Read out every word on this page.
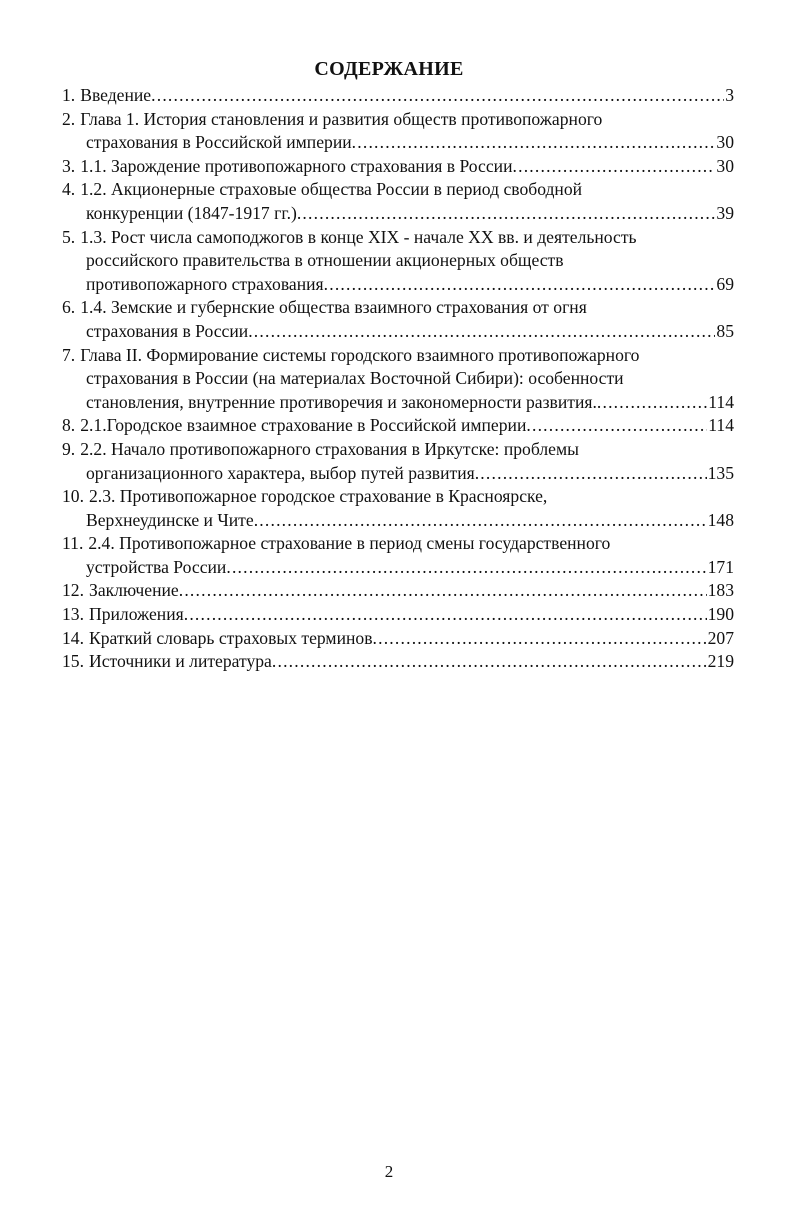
СОДЕРЖАНИЕ
1. Введение . . .	3
2. Глава 1. История становления и развития обществ противопожарного
страхования в Российской империи . . .	30
3. 1.1. Зарождение противопожарного страхования в России . . .	30
4. 1.2. Акционерные страховые общества России в период свободной
конкуренции (1847-1917 гг.) . . .	39
5. 1.3. Рост числа самоподжогов в конце XIX - начале XX вв. и деятельность
российского правительства в отношении акционерных обществ
противопожарного страхования . . .	69
6. 1.4. Земские и губернские общества взаимного страхования от огня
страхования в России . . .	85
7. Глава II. Формирование системы городского взаимного противопожарного
страхования в России (на материалах Восточной Сибири): особенности
становления, внутренние противоречия и закономерности развития. . . .	114
8. 2.1.Городское взаимное страхование в Российской империи . . .	114
9. 2.2. Начало противопожарного страхования в Иркутске: проблемы
организационного характера, выбор путей развития . . .	135
10. 2.3. Противопожарное городское страхование в Красноярске,
Верхнеудинске и Чите . . .	148
11. 2.4. Противопожарное страхование в период смены государственного
устройства России . . .	171
12. Заключение . . .	183
13. Приложения . . .	190
14. Краткий словарь страховых терминов . . .	207
15. Источники и литература . . .	219
2
